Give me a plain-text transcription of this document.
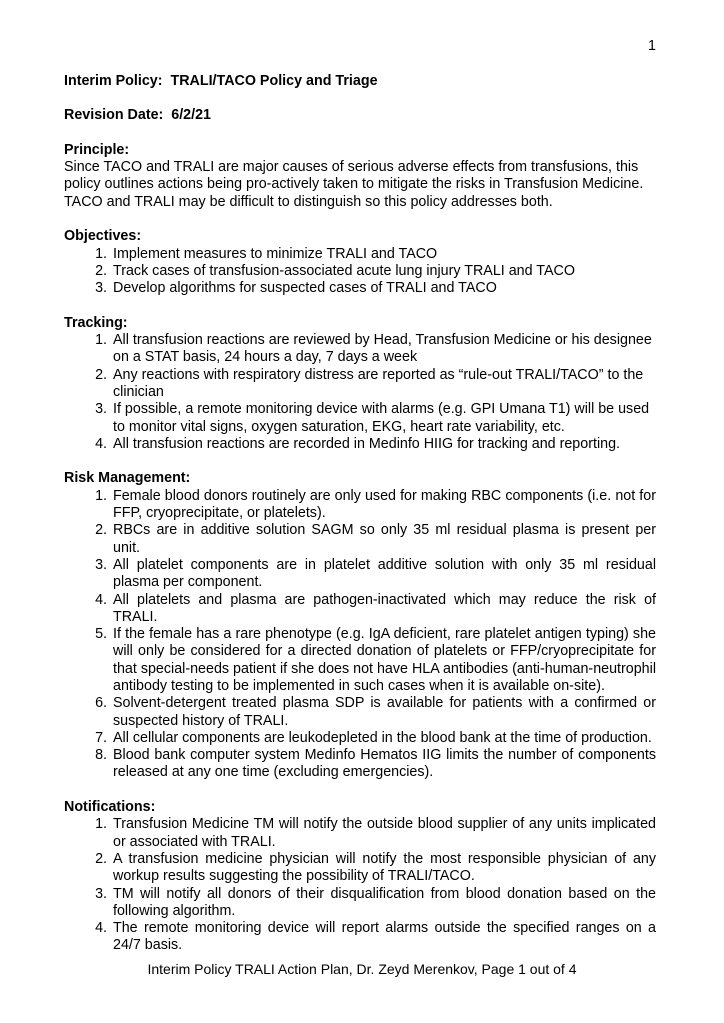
1
Interim Policy:  TRALI/TACO Policy and Triage
Revision Date:  6/2/21
Principle:

Since TACO and TRALI are major causes of serious adverse effects from transfusions, this policy outlines actions being pro-actively taken to mitigate the risks in Transfusion Medicine. TACO and TRALI may be difficult to distinguish so this policy addresses both.

Objectives:
1. Implement measures to minimize TRALI and TACO
2. Track cases of transfusion-associated acute lung injury TRALI and TACO
3. Develop algorithms for suspected cases of TRALI and TACO
Tracking:
1. All transfusion reactions are reviewed by Head, Transfusion Medicine or his designee on a STAT basis, 24 hours a day, 7 days a week
2. Any reactions with respiratory distress are reported as “rule-out TRALI/TACO” to the clinician
3. If possible, a remote monitoring device with alarms (e.g. GPI Umana T1) will be used to monitor vital signs, oxygen saturation, EKG, heart rate variability, etc.
4. All transfusion reactions are recorded in Medinfo HIIG for tracking and reporting.
Risk Management:
1. Female blood donors routinely are only used for making RBC components (i.e. not for FFP, cryoprecipitate, or platelets).
2. RBCs are in additive solution SAGM so only 35 ml residual plasma is present per unit.
3. All platelet components are in platelet additive solution with only 35 ml residual plasma per component.
4. All platelets and plasma are pathogen-inactivated which may reduce the risk of TRALI.
5. If the female has a rare phenotype (e.g. IgA deficient, rare platelet antigen typing) she will only be considered for a directed donation of platelets or FFP/cryoprecipitate for that special-needs patient if she does not have HLA antibodies (anti-human-neutrophil antibody testing to be implemented in such cases when it is available on-site).
6. Solvent-detergent treated plasma SDP is available for patients with a confirmed or suspected history of TRALI.
7. All cellular components are leukodepleted in the blood bank at the time of production.
8. Blood bank computer system Medinfo Hematos IIG limits the number of components released at any one time (excluding emergencies).
Notifications:
1. Transfusion Medicine TM will notify the outside blood supplier of any units implicated or associated with TRALI.
2. A transfusion medicine physician will notify the most responsible physician of any workup results suggesting the possibility of TRALI/TACO.
3. TM will notify all donors of their disqualification from blood donation based on the following algorithm.
4. The remote monitoring device will report alarms outside the specified ranges on a 24/7 basis.
Interim Policy TRALI Action Plan, Dr. Zeyd Merenkov, Page 1 out of 4
